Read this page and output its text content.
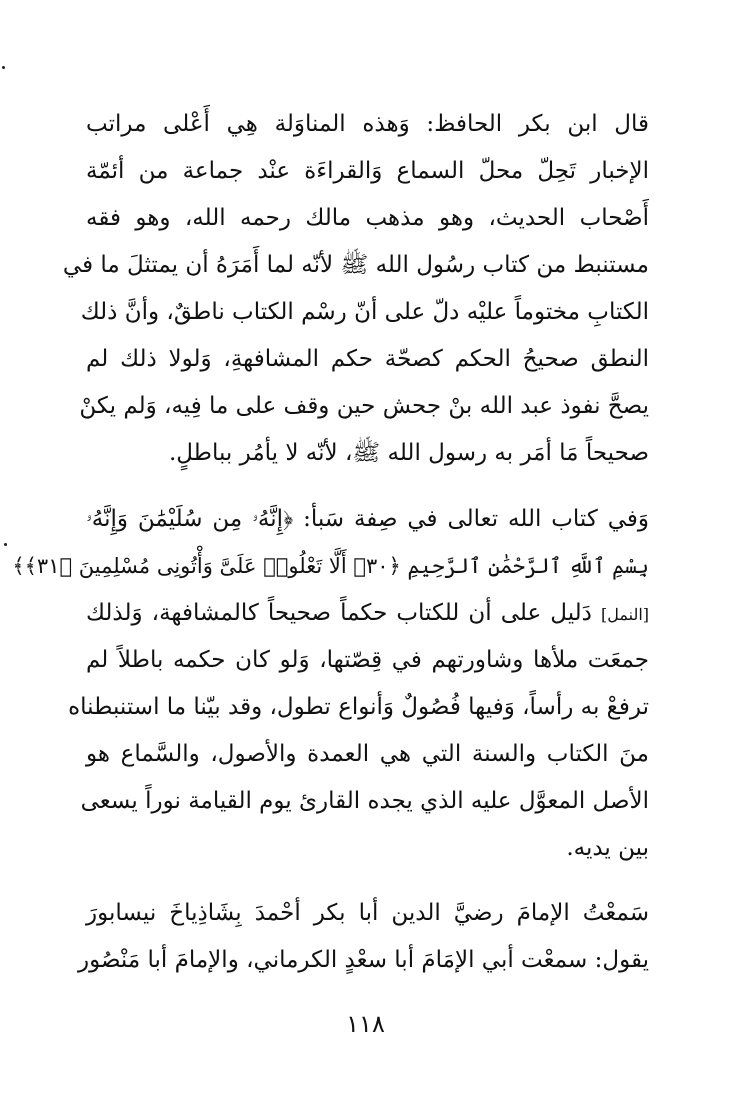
قال ابن بكر الحافظ: وَهذه المناوَلة هِي أَعْلى مراتب
الإخبار تَحِلّ محلّ السماع وَالقراءَة عنْد جماعة من أئمّة
أَصْحاب الحديث، وهو مذهب مالك رحمه الله، وهو فقه
مستنبط من كتاب رسُول الله ﷺ لأنّه لما أَمَرَهُ أن يمتثلَ ما في
الكتابِ مختوماً عليْه دلّ على أنّ رسْم الكتاب ناطقٌ، وأنَّ ذلك
النطق صحيحُ الحكم كصحّة حكم المشافهةِ، وَلولا ذلك لم
يصحَّ نفوذ عبد الله بنْ جحش حين وقف على ما فِيه، وَلم يكنْ
صحيحاً مَا أمَر به رسول الله ﷺ، لأنّه لا يأمُر بباطلٍ.
وَفي كتاب الله تعالى في صِفة سَبأ: ﴿إِنَّهُۥ مِن سُلَيْمَٰنَ وَإِنَّهُۥ
بِسْمِ ٱللَّهِ ٱلرَّحْمَٰنِ ٱلرَّحِيمِ ﴿٣٠﴾ أَلَّا تَعْلُوا۟ عَلَىَّ وَأْتُونِى مُسْلِمِينَ ﴿٣١﴾﴾
[النمل] دَليل على أن للكتاب حكماً صحيحاً كالمشافهة، وَلذلك
جمعَت ملأها وشاورتهم في قِصّتها، وَلو كان حكمه باطلاً لم
ترفعْ به رأساً، وَفيها فُصُولٌ وَأنواع تطول، وقد بيّنا ما استنبطناه
منَ الكتاب والسنة التي هي العمدة والأصول، والسَّماع هو
الأصل المعوَّل عليه الذي يجده القارئ يوم القيامة نوراً يسعى
بين يديه.
سَمعْتُ الإمامَ رضيَّ الدين أبا بكر أحْمدَ بِشَاذِياخَ نيسابورَ
يقول: سمعْت أبي الإمَامَ أبا سعْدٍ الكرماني، والإمامَ أبا مَنْصُور
١١٨
